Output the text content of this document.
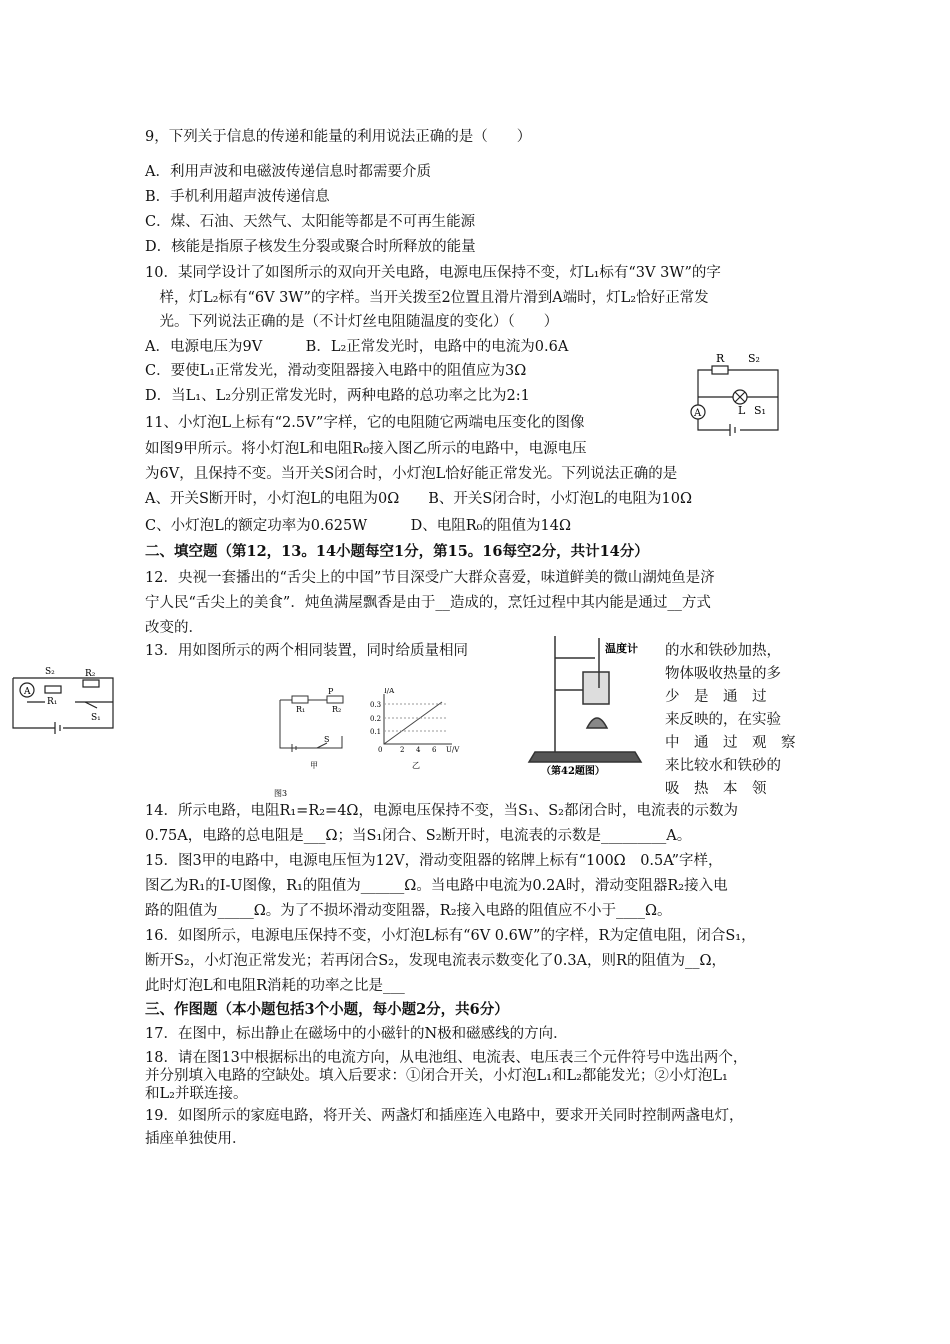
9，下列关于信息的传递和能量的利用说法正确的是（　　）
A．利用声波和电磁波传递信息时都需要介质
B．手机利用超声波传递信息
C．煤、石油、天然气、太阳能等都是不可再生能源
D．核能是指原子核发生分裂或聚合时所释放的能量
10．某同学设计了如图所示的双向开关电路，电源电压保持不变，灯L₁标有“3V 3W”的字
　样，灯L₂标有“6V 3W”的字样。当开关拨至2位置且滑片滑到A端时，灯L₂恰好正常发
　光。下列说法正确的是（不计灯丝电阻随温度的变化）（　　）
A．电源电压为9V　　　B．L₂正常发光时，电路中的电流为0.6A
C．要使L₁正常发光，滑动变阻器接入电路中的阻值应为3Ω
D．当L₁、L₂分别正常发光时，两种电路的总功率之比为2:1
R S₂
L S₁
A
11、小灯泡L上标有“2.5V”字样，它的电阻随它两端电压变化的图像
如图9甲所示。将小灯泡L和电阻R₀接入图乙所示的电路中，电源电压
为6V，且保持不变。当开关S闭合时，小灯泡L恰好能正常发光。下列说法正确的是
A、开关S断开时，小灯泡L的电阻为0Ω　　B、开关S闭合时，小灯泡L的电阻为10Ω
C、小灯泡L的额定功率为0.625W　　　D、电阻R₀的阻值为14Ω
二、填空题（第12，13。14小题每空1分，第15。16每空2分，共计14分）
12．央视一套播出的“舌尖上的中国”节目深受广大群众喜爱，味道鲜美的微山湖炖鱼是济
宁人民“舌尖上的美食”．炖鱼满屋飘香是由于__造成的，烹饪过程中其内能是通过__方式
改变的．
S₂
A
R₂
R₁
S₁
13．用如图所示的两个相同装置，同时给质量相同	的水和铁砂加热，
物体吸收热量的多
少　是　通　过
来反映的，在实验
中　通　过　观　察
来比较水和铁砂的
吸　热　本　领
R₁
P
R₂
S
甲
I/A
0.3
0.2
0.1
0	2 4 6 U/V
乙
图3
温度计
（第42题图）
14．所示电路，电阻R₁=R₂=4Ω，电源电压保持不变，当S₁、S₂都闭合时，电流表的示数为
0.75A，电路的总电阻是___Ω；当S₁闭合、S₂断开时，电流表的示数是_________A。
15．图3甲的电路中，电源电压恒为12V，滑动变阻器的铭牌上标有“100Ω　0.5A”字样，
图乙为R₁的I-U图像，R₁的阻值为______Ω。当电路中电流为0.2A时，滑动变阻器R₂接入电
路的阻值为_____Ω。为了不损坏滑动变阻器，R₂接入电路的阻值应不小于____Ω。
16．如图所示，电源电压保持不变，小灯泡L标有“6V 0.6W”的字样，R为定值电阻，闭合S₁，
断开S₂，小灯泡正常发光；若再闭合S₂，发现电流表示数变化了0.3A，则R的阻值为__Ω，
此时灯泡L和电阻R消耗的功率之比是___
三、作图题（本小题包括3个小题，每小题2分，共6分）
17．在图中，标出静止在磁场中的小磁针的N极和磁感线的方向．
18．请在图13中根据标出的电流方向，从电池组、电流表、电压表三个元件符号中选出两个，
并分别填入电路的空缺处。填入后要求：①闭合开关，小灯泡L₁和L₂都能发光；②小灯泡L₁
和L₂并联连接。
19．如图所示的家庭电路，将开关、两盏灯和插座连入电路中，要求开关同时控制两盏电灯，
插座单独使用．
